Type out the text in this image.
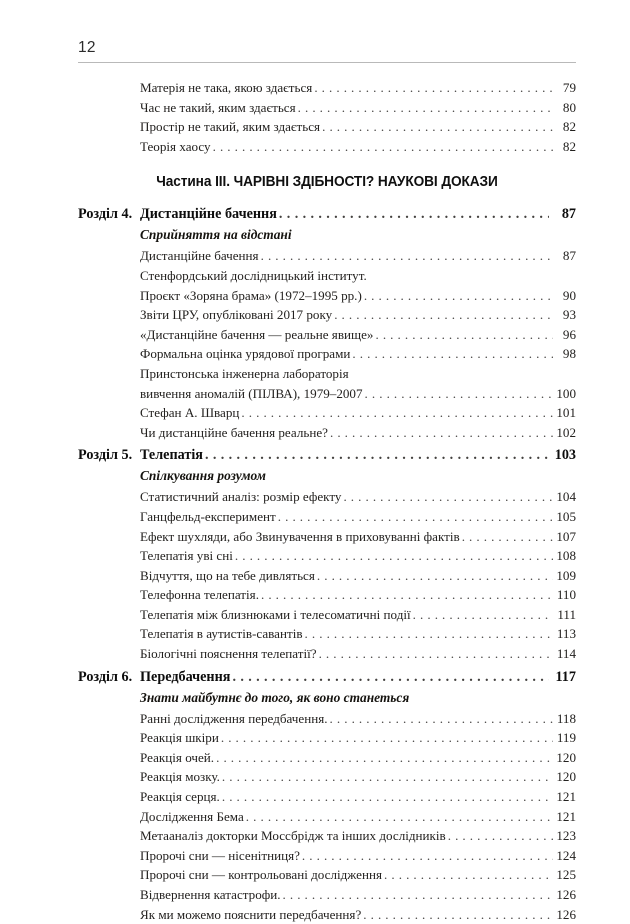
12
Матерія не така, якою здається . . .	79
Час не такий, яким здається . . .	80
Простір не такий, яким здається . . .	82
Теорія хаосу . . .	82
Частина III. ЧАРІВНІ ЗДІБНОСТІ? НАУКОВІ ДОКАЗИ
Розділ 4. Дистанційне бачення . . .	87
Сприйняття на відстані
Дистанційне бачення . . .	87
Стенфордський дослідницький інститут.
Проєкт «Зоряна брама» (1972–1995 рр.) . . .	90
Звіти ЦРУ, опубліковані 2017 року . . .	93
«Дистанційне бачення — реальне явище» . . .	96
Формальна оцінка урядової програми . . .	98
Принстонська інженерна лабораторія
вивчення аномалій (ПІЛВА), 1979–2007 . . .	100
Стефан А. Шварц . . .	101
Чи дистанційне бачення реальне? . . .	102
Розділ 5. Телепатія . . .	103
Спілкування розумом
Статистичний аналіз: розмір ефекту . . .	104
Ганцфельд-експеримент . . .	105
Ефект шухляди, або Звинувачення в приховуванні фактів . . .	107
Телепатія уві сні . . .	108
Відчуття, що на тебе дивляться . . .	109
Телефонна телепатія. . . .	110
Телепатія між близнюками і телесоматичні події . . .	111
Телепатія в аутистів-савантів . . .	113
Біологічні пояснення телепатії? . . .	114
Розділ 6. Передбачення . . .	117
Знати майбутнє до того, як воно станеться
Ранні дослідження передбачення. . . .	118
Реакція шкіри . . .	119
Реакція очей. . . .	120
Реакція мозку. . . .	120
Реакція серця. . . .	121
Дослідження Бема . . .	121
Метааналіз докторки Моссбрідж та інших дослідників . . .	123
Пророчі сни — нісенітниця? . . .	124
Пророчі сни — контрольовані дослідження . . .	125
Відвернення катастрофи. . . .	126
Як ми можемо пояснити передбачення? . . .	126
